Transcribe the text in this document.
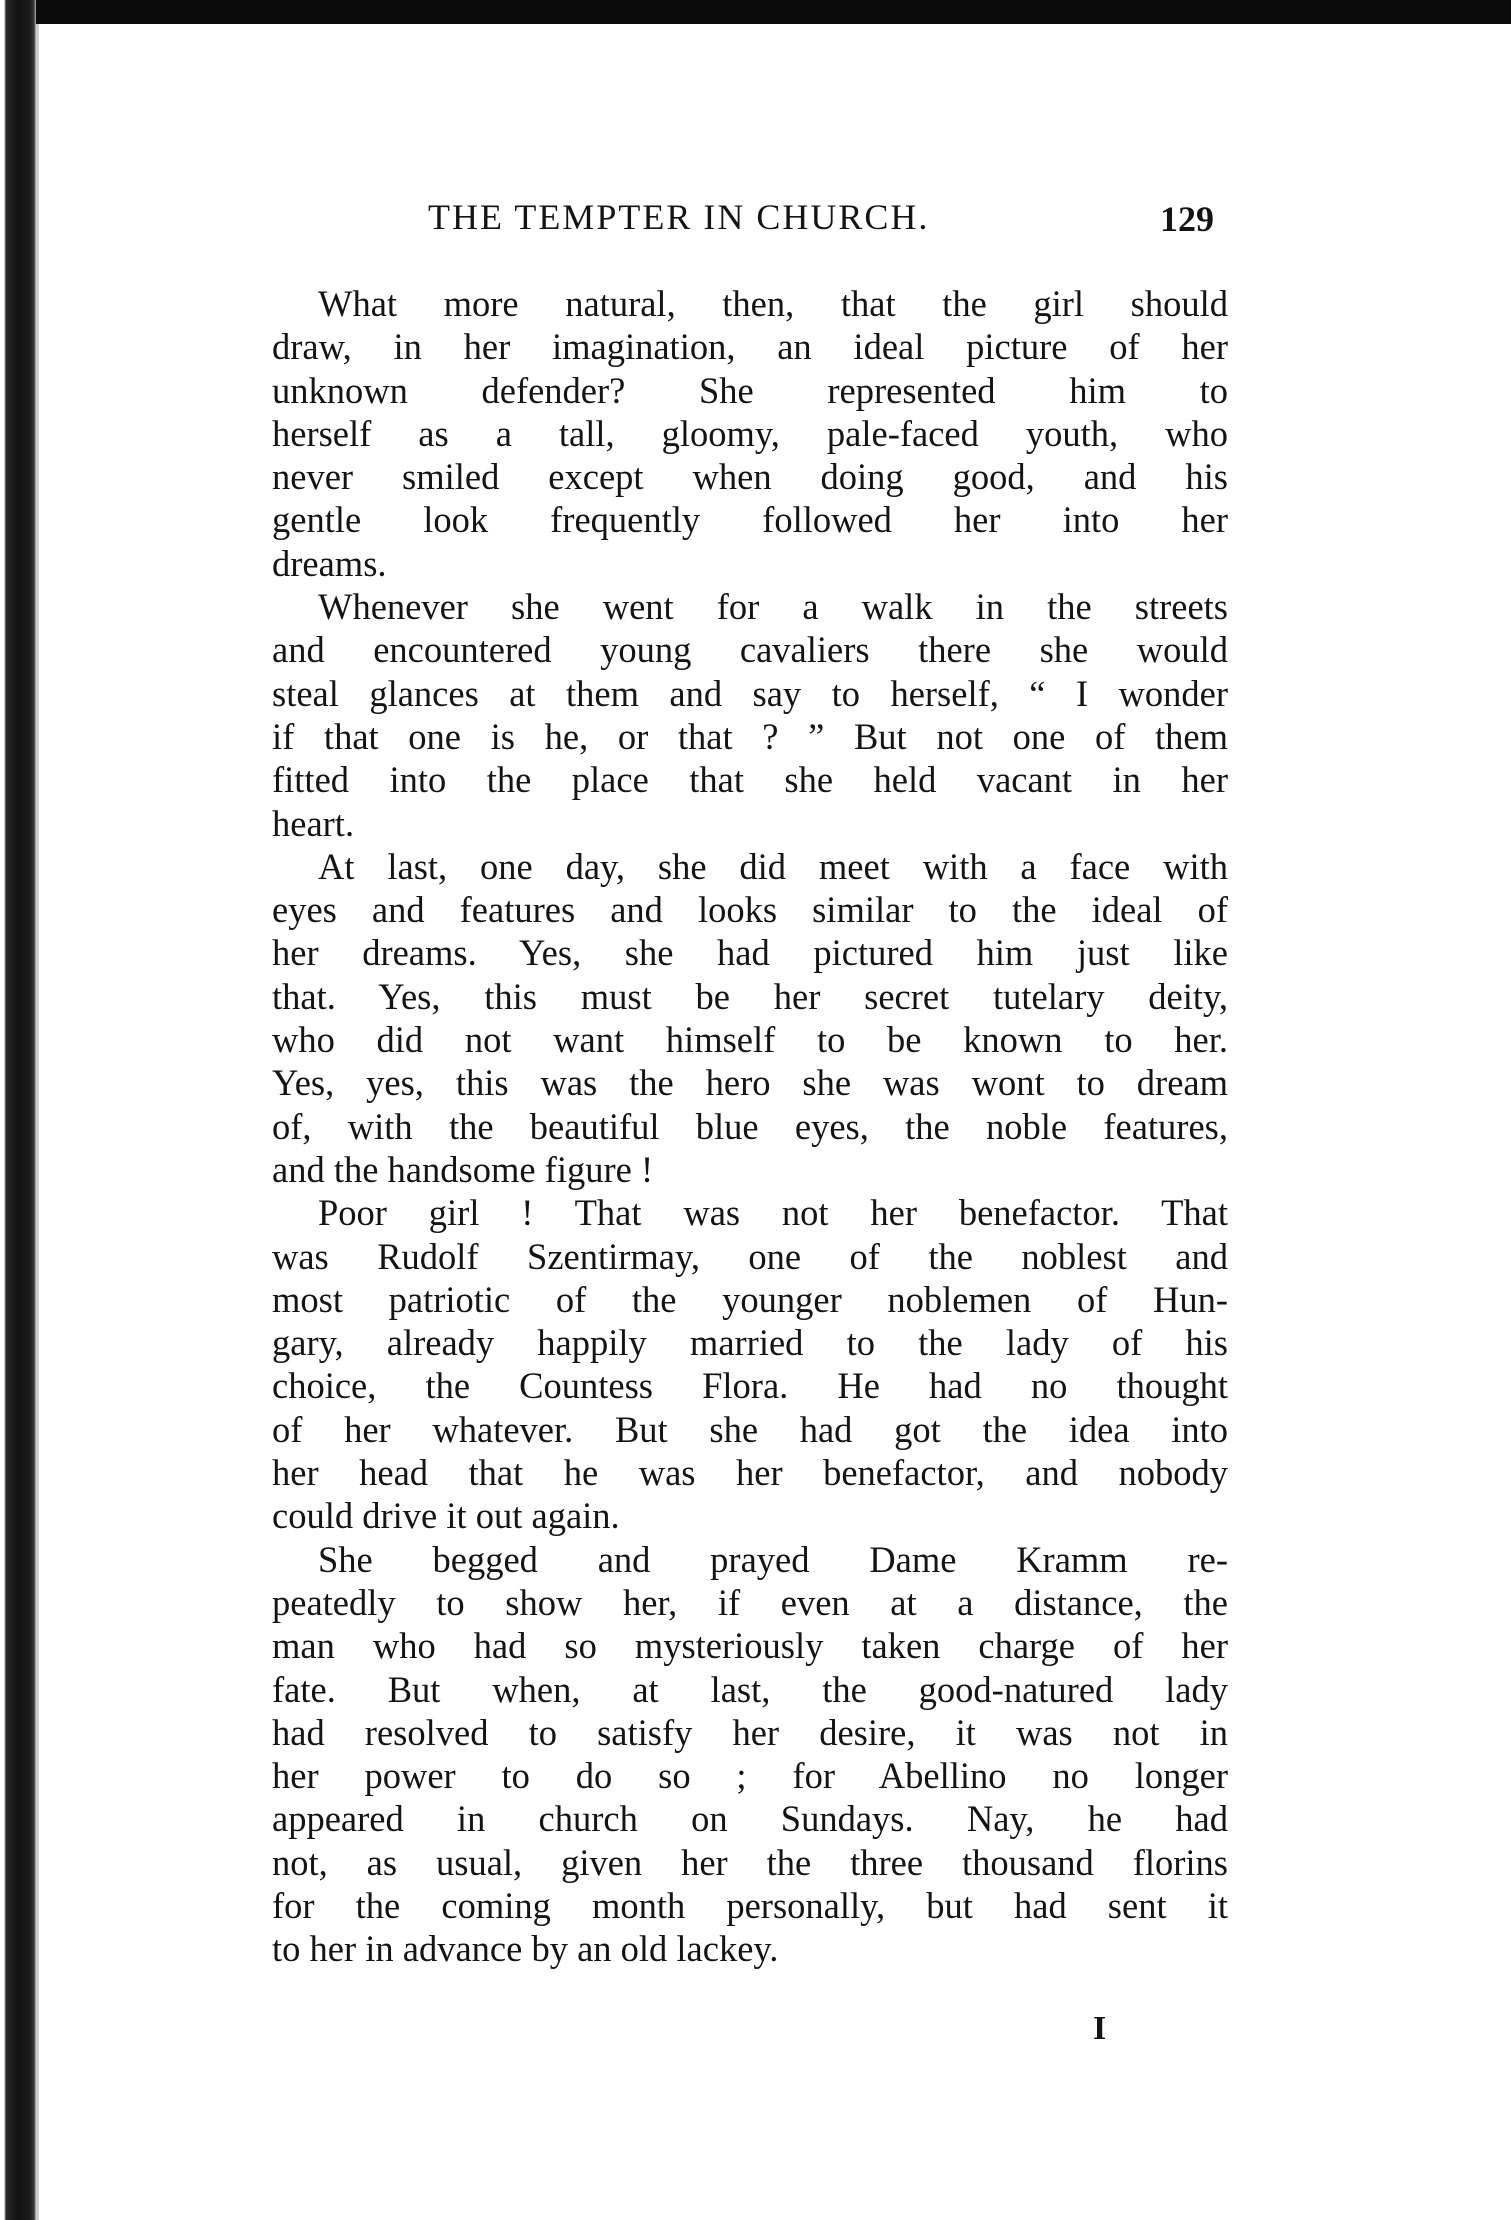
THE TEMPTER IN CHURCH.	129
What more natural, then, that the girl should
draw, in her imagination, an ideal picture of her
unknown defender? She represented him to
herself as a tall, gloomy, pale-faced youth, who
never smiled except when doing good, and his
gentle look frequently followed her into her
dreams.
Whenever she went for a walk in the streets
and encountered young cavaliers there she would
steal glances at them and say to herself, “ I wonder
if that one is he, or that ? ” But not one of them
fitted into the place that she held vacant in her
heart.
At last, one day, she did meet with a face with
eyes and features and looks similar to the ideal of
her dreams. Yes, she had pictured him just like
that. Yes, this must be her secret tutelary deity,
who did not want himself to be known to her.
Yes, yes, this was the hero she was wont to dream
of, with the beautiful blue eyes, the noble features,
and the handsome figure !
Poor girl ! That was not her benefactor. That
was Rudolf Szentirmay, one of the noblest and
most patriotic of the younger noblemen of Hun-
gary, already happily married to the lady of his
choice, the Countess Flora. He had no thought
of her whatever. But she had got the idea into
her head that he was her benefactor, and nobody
could drive it out again.
She begged and prayed Dame Kramm re-
peatedly to show her, if even at a distance, the
man who had so mysteriously taken charge of her
fate. But when, at last, the good-natured lady
had resolved to satisfy her desire, it was not in
her power to do so ; for Abellino no longer
appeared in church on Sundays. Nay, he had
not, as usual, given her the three thousand florins
for the coming month personally, but had sent it
to her in advance by an old lackey.
I
